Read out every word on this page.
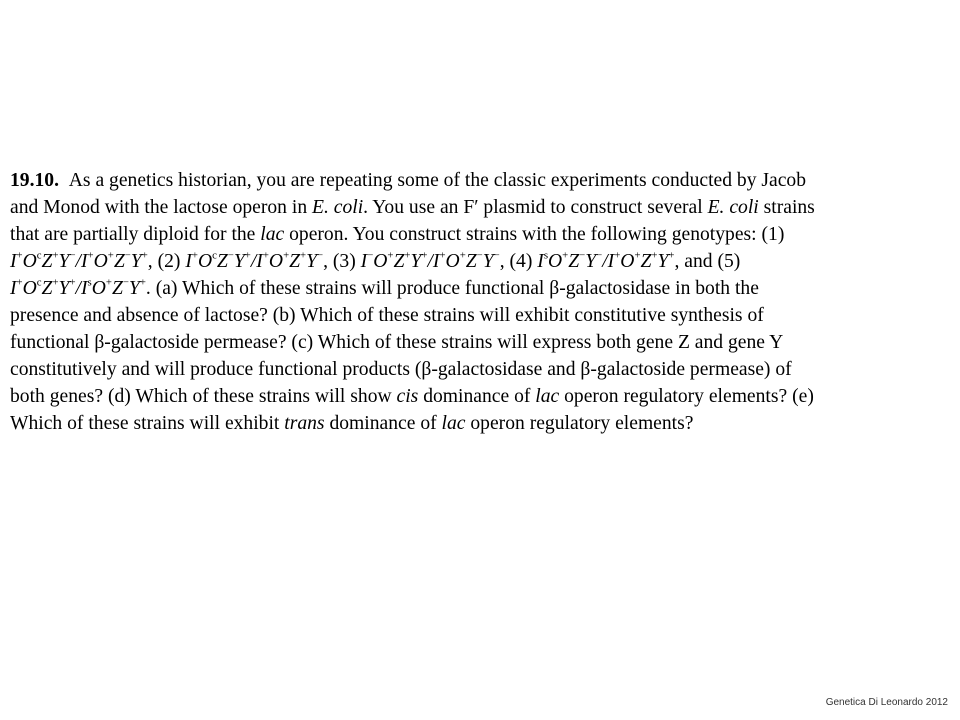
19.10. As a genetics historian, you are repeating some of the classic experiments conducted by Jacob
and Monod with the lactose operon in E. coli. You use an F′ plasmid to construct several E. coli strains
that are partially diploid for the lac operon. You construct strains with the following genotypes: (1)
$I^+O^cZ^+Y^-/I^+O^+Z^-Y^+$, (2) $I^+O^cZ^-Y^+/I^+O^+Z^+Y^-$, (3) I−O+Z+Y+/I+O+Z−Y−, (4) $I^sO^+Z^-Y^-/I^+O^+Z^+Y^+$, and (5)
$I^+O^cZ^+Y^+/I^sO^+Z^-Y^+$. (a) Which of these strains will produce functional β-galactosidase in both the
presence and absence of lactose? (b) Which of these strains will exhibit constitutive synthesis of
functional β-galactoside permease? (c) Which of these strains will express both gene Z and gene Y
constitutively and will produce functional products (β-galactosidase and β-galactoside permease) of
both genes? (d) Which of these strains will show cis dominance of lac operon regulatory elements? (e)
Which of these strains will exhibit trans dominance of lac operon regulatory elements?
Genetica Di Leonardo 2012
